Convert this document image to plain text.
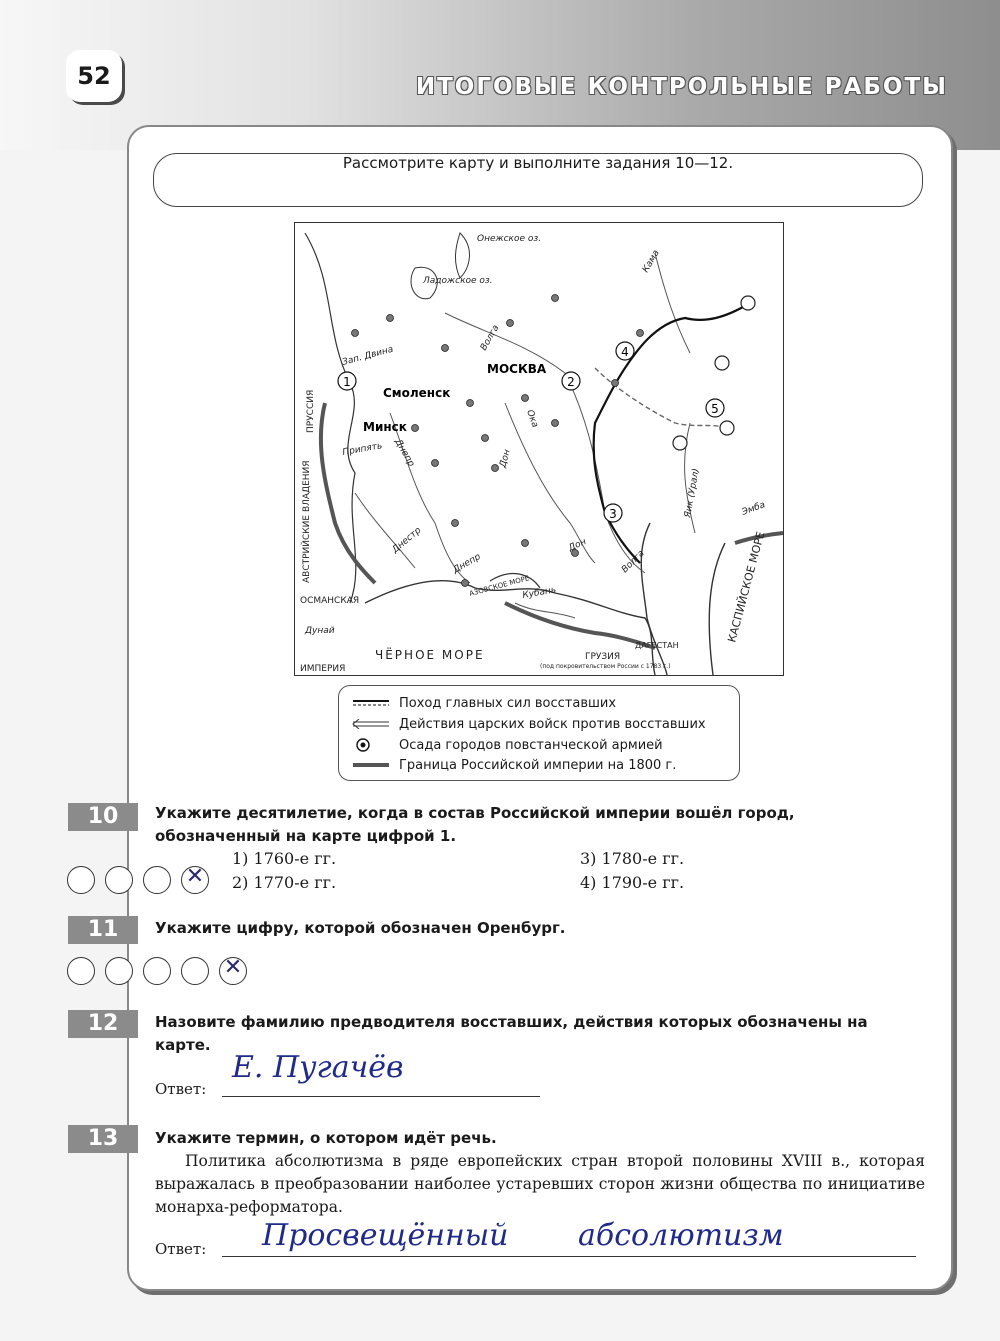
52	ИТОГОВЫЕ КОНТРОЛЬНЫЕ РАБОТЫ
Рассмотрите карту и выполните задания 10—12.
1	2
3
4
5
МОСКВА
Смоленск
Минск
Онежское оз.
Ладожское оз.
Зап. Двина
Волга
Ока
Кама
Днепр
Припять	Дон
Днестр
Днепр
Дон
Волга
Яик (Урал)	Эмба
Кубань
Дунай
ПРУССИЯ
АВСТРИЙСКИЕ ВЛАДЕНИЯ
ОСМАНСКАЯ
ИМПЕРИЯ
ЧЁРНОЕ МОРЕ
АЗОВСКОЕ МОРЕ	КАСПИЙСКОЕ МОРЕ
ГРУЗИЯ
(под покровительством России с 1783 г.)
ДАГЕСТАН
Поход главных сил восставших
Действия царских войск против восставших
Осада городов повстанческой армией
Граница Российской империи на 1800 г.
10	Укажите десятилетие, когда в состав Российской империи вошёл город,
обозначенный на карте цифрой 1.
1) 1760-е гг.
2) 1770-е гг.
3) 1780-е гг.
4) 1790-е гг.
✕
11	Укажите цифру, которой обозначен Оренбург.
✕
12	Назовите фамилию предводителя восставших, действия которых обозначены на
карте.
Ответ:
Е. Пугачёв
13	Укажите термин, о котором идёт речь.
Политика абсолютизма в ряде европейских стран второй половины XVIII в., которая выражалась в преобразовании наиболее устаревших сторон жизни общества по инициативе монарха-реформатора.
Ответ: Просвещённый абсолютизм
